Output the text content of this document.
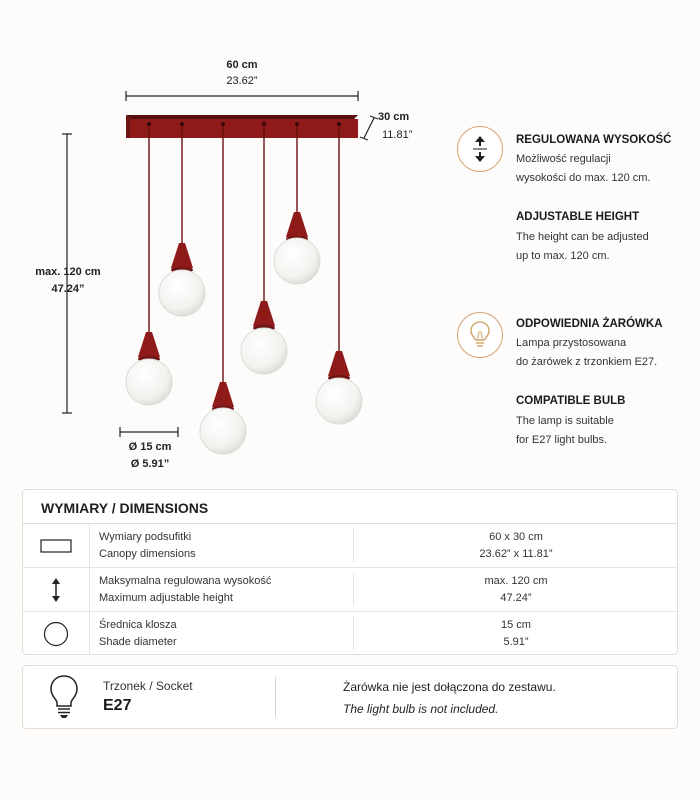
60 cm
23.62”
30 cm
11.81”
max. 120 cm
47.24”
Ø 15 cm
Ø 5.91”
REGULOWANA WYSOKOŚĆ
Możliwość regulacji
wysokości do max. 120 cm.
ADJUSTABLE HEIGHT
The height can be adjusted
up to max. 120 cm.
ODPOWIEDNIA ŻARÓWKA
Lampa przystosowana
do żarówek z trzonkiem E27.
COMPATIBLE BULB
The lamp is suitable
for E27 light bulbs.
WYMIARY / DIMENSIONS
Wymiary podsufitki
Canopy dimensions
60 x 30 cm
23.62” x 11.81”
Maksymalna regulowana wysokość
Maximum adjustable height
max. 120 cm
47.24”
Średnica klosza
Shade diameter
15 cm
5.91”
Trzonek / Socket
E27
Żarówka nie jest dołączona do zestawu.
The light bulb is not included.
